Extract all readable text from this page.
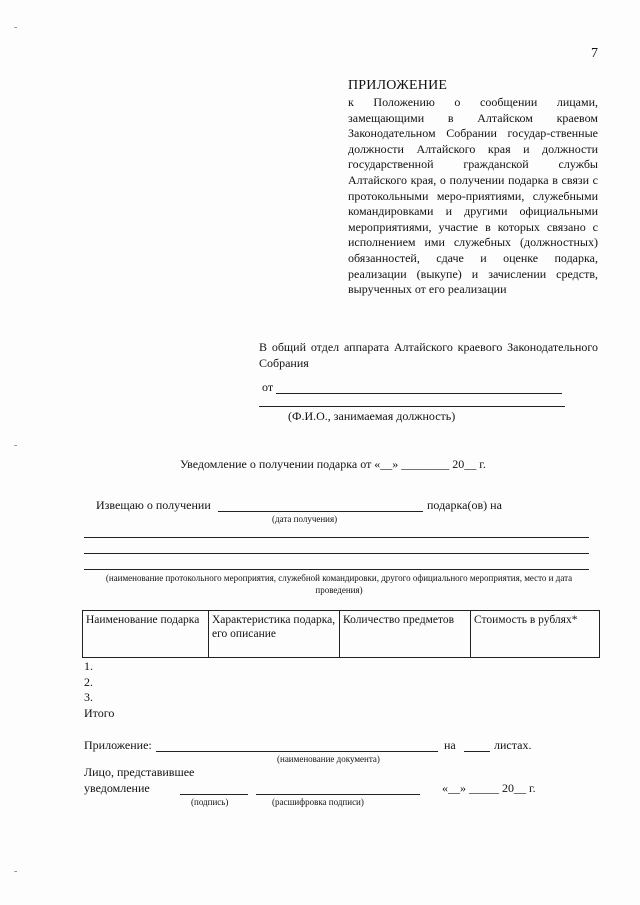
7
ПРИЛОЖЕНИЕ

к Положению о сообщении лицами, замещающими в Алтайском краевом Законодательном Собрании государ-ственные должности Алтайского края и должности государственной гражданской службы Алтайского края, о получении подарка в связи с протокольными меро-приятиями, служебными командировками и другими официальными мероприятиями, участие в которых связано с исполнением ими служебных (должностных) обязанностей, сдаче и оценке подарка, реализации (выкупе) и зачислении средств, вырученных от его реализации

В общий отдел аппарата Алтайского краевого Законодательного Собрания
от
(Ф.И.О., занимаемая должность)
Уведомление о получении подарка от «__» ________ 20__ г.
Извещаю о получении	подарка(ов) на
(дата получения)
(наименование протокольного мероприятия, служебной командировки, другого официального мероприятия, место и дата проведения)
Наименование подарка	Характеристика подарка, его описание	Количество предметов	Стоимость в рублях*
1.
2.
3.
Итого
Приложение:	на	листах.
(наименование документа)
Лицо, представившее
уведомление	«__» _____ 20__ г.
(подпись)	(расшифровка подписи)
-
-
-
